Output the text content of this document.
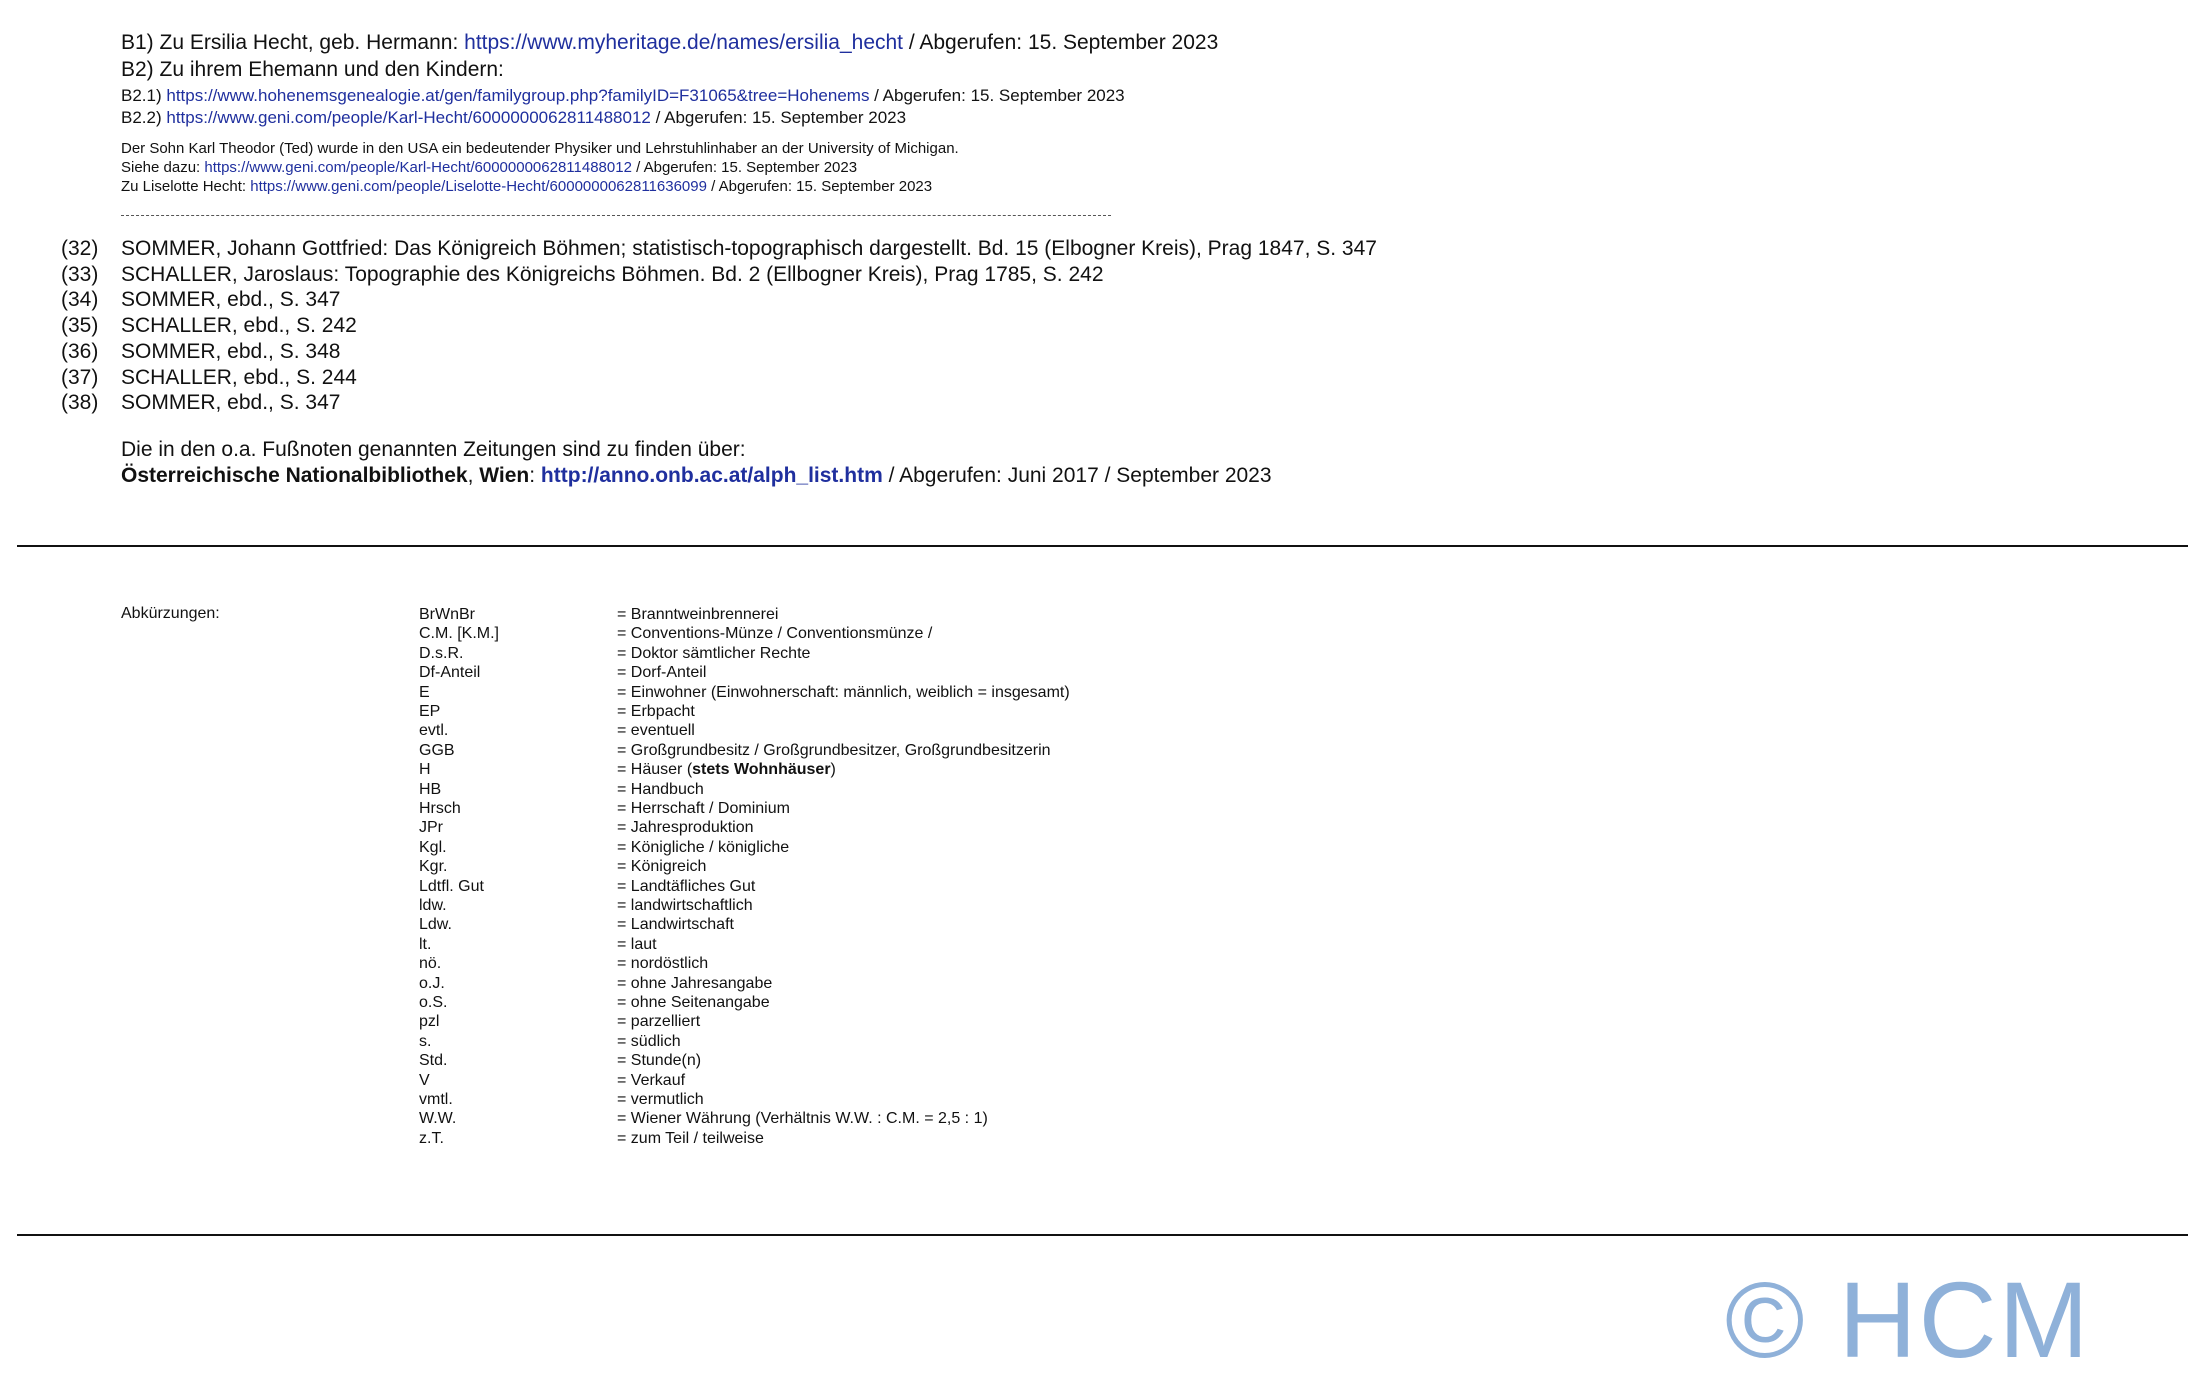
B1) Zu Ersilia Hecht, geb. Hermann: https://www.myheritage.de/names/ersilia_hecht / Abgerufen: 15. September 2023
B2) Zu ihrem Ehemann und den Kindern:
B2.1) https://www.hohenemsgenealogie.at/gen/familygroup.php?familyID=F31065&tree=Hohenems / Abgerufen: 15. September 2023
B2.2) https://www.geni.com/people/Karl-Hecht/6000000062811488012 / Abgerufen: 15. September 2023
Der Sohn Karl Theodor (Ted) wurde in den USA ein bedeutender Physiker und Lehrstuhlinhaber an der University of Michigan.
Siehe dazu: https://www.geni.com/people/Karl-Hecht/6000000062811488012 / Abgerufen: 15. September 2023
Zu Liselotte Hecht: https://www.geni.com/people/Liselotte-Hecht/6000000062811636099 / Abgerufen: 15. September 2023
(32) SOMMER, Johann Gottfried: Das Königreich Böhmen; statistisch-topographisch dargestellt. Bd. 15 (Elbogner Kreis), Prag 1847, S. 347
(33) SCHALLER, Jaroslaus: Topographie des Königreichs Böhmen. Bd. 2 (Ellbogner Kreis), Prag 1785, S. 242
(34) SOMMER, ebd., S. 347
(35) SCHALLER, ebd., S. 242
(36) SOMMER, ebd., S. 348
(37) SCHALLER, ebd., S. 244
(38) SOMMER, ebd., S. 347
Die in den o.a. Fußnoten genannten Zeitungen sind zu finden über:
Österreichische Nationalbibliothek, Wien: http://anno.onb.ac.at/alph_list.htm / Abgerufen: Juni 2017 / September 2023
Abkürzungen:	BrWnBr	= Branntweinbrennerei
C.M. [K.M.]	= Conventions-Münze / Conventionsmünze /
D.s.R.	= Doktor sämtlicher Rechte
Df-Anteil	= Dorf-Anteil
E	= Einwohner (Einwohnerschaft: männlich, weiblich = insgesamt)
EP	= Erbpacht
evtl.	= eventuell
GGB	= Großgrundbesitz / Großgrundbesitzer, Großgrundbesitzerin
H	= Häuser (stets Wohnhäuser)
HB	= Handbuch
Hrsch	= Herrschaft / Dominium
JPr	= Jahresproduktion
Kgl.	= Königliche / königliche
Kgr.	= Königreich
Ldtfl. Gut	= Landtäfliches Gut
ldw.	= landwirtschaftlich
Ldw.	= Landwirtschaft
lt.	= laut
nö.	= nordöstlich
o.J.	= ohne Jahresangabe
o.S.	= ohne Seitenangabe
pzl	= parzelliert
s.	= südlich
Std.	= Stunde(n)
V	= Verkauf
vmtl.	= vermutlich
W.W.	= Wiener Währung (Verhältnis W.W. : C.M. = 2,5 : 1)
z.T.	= zum Teil / teilweise
© HCM
